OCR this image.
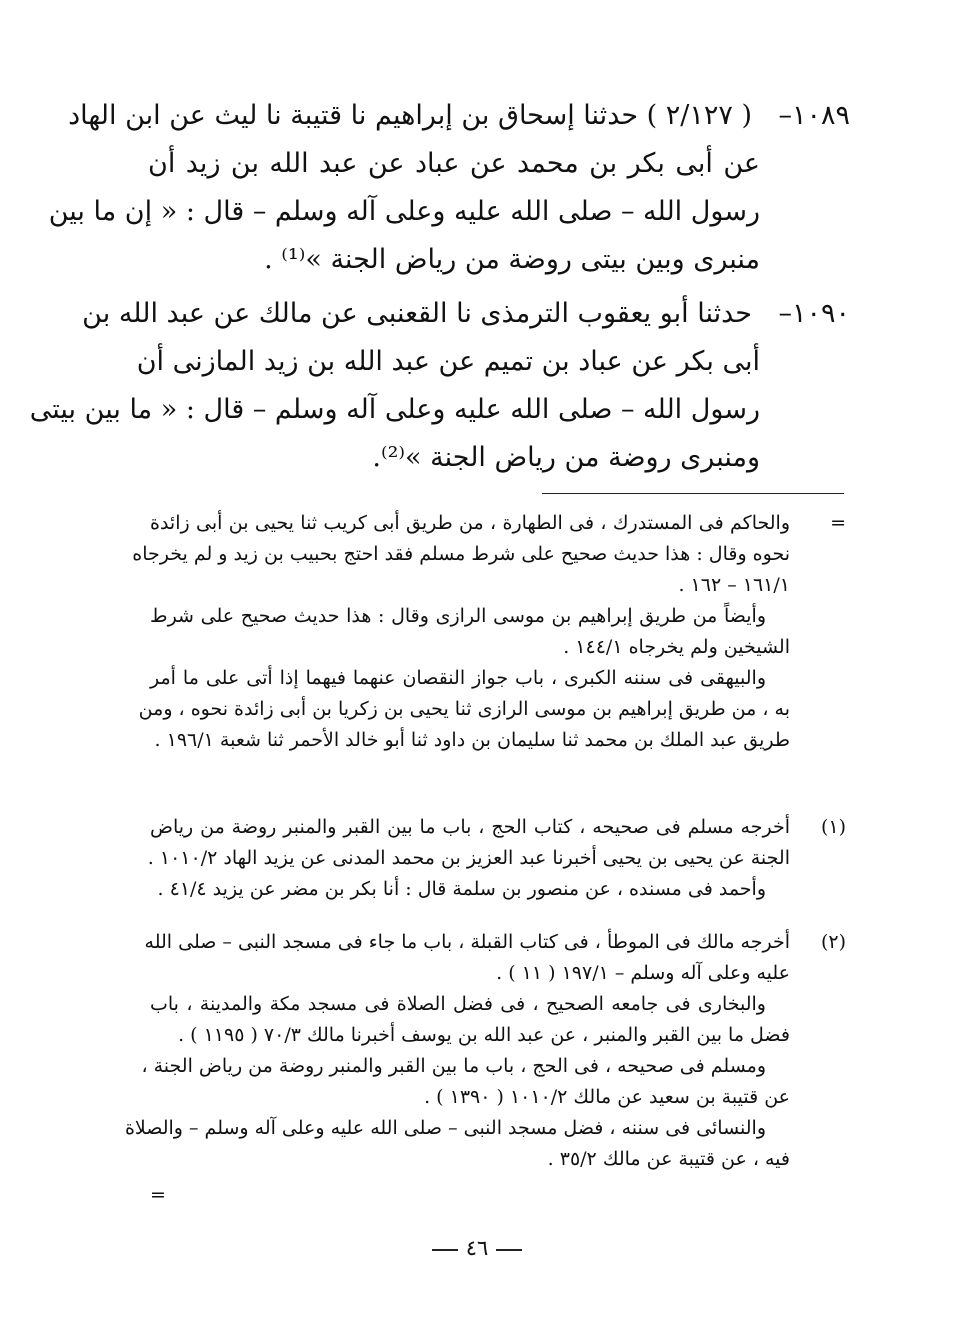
١٠٨٩–
( ٢/١٢٧ ) حدثنا إسحاق بن إبراهيم نا قتيبة نا ليث عن ابن الهاد
عن أبى بكر بن محمد عن عباد عن عبد الله بن زيد أن
رسول الله – صلى الله عليه وعلى آله وسلم – قال : « إن ما بين
منبرى وبين بيتى روضة من رياض الجنة »⁽¹⁾ .
١٠٩٠–
حدثنا أبو يعقوب الترمذى نا القعنبى عن مالك عن عبد الله بن
أبى بكر عن عباد بن تميم عن عبد الله بن زيد المازنى أن
رسول الله – صلى الله عليه وعلى آله وسلم – قال : « ما بين بيتى
ومنبرى روضة من رياض الجنة »⁽²⁾.
=
والحاكم فى المستدرك ، فى الطهارة ، من طريق أبى كريب ثنا يحيى بن أبى زائدة
نحوه وقال : هذا حديث صحيح على شرط مسلم فقد احتج بحبيب بن زيد و لم يخرجاه
١٦١/١ – ١٦٢ .
وأيضاً من طريق إبراهيم بن موسى الرازى وقال : هذا حديث صحيح على شرط
الشيخين ولم يخرجاه ١٤٤/١ .
والبيهقى فى سننه الكبرى ، باب جواز النقصان عنهما فيهما إذا أتى على ما أمر
به ، من طريق إبراهيم بن موسى الرازى ثنا يحيى بن زكريا بن أبى زائدة نحوه ، ومن
طريق عبد الملك بن محمد ثنا سليمان بن داود ثنا أبو خالد الأحمر ثنا شعبة ١٩٦/١ .
(١)
أخرجه مسلم فى صحيحه ، كتاب الحج ، باب ما بين القبر والمنبر روضة من رياض
الجنة عن يحيى بن يحيى أخبرنا عبد العزيز بن محمد المدنى عن يزيد الهاد ١٠١٠/٢ .
وأحمد فى مسنده ، عن منصور بن سلمة قال : أنا بكر بن مضر عن يزيد ٤١/٤ .
(٢)
أخرجه مالك فى الموطأ ، فى كتاب القبلة ، باب ما جاء فى مسجد النبى – صلى الله
عليه وعلى آله وسلم – ١٩٧/١ ( ١١ ) .
والبخارى فى جامعه الصحيح ، فى فضل الصلاة فى مسجد مكة والمدينة ، باب
فضل ما بين القبر والمنبر ، عن عبد الله بن يوسف أخبرنا مالك ٧٠/٣ ( ١١٩٥ ) .
ومسلم فى صحيحه ، فى الحج ، باب ما بين القبر والمنبر روضة من رياض الجنة ،
عن قتيبة بن سعيد عن مالك ١٠١٠/٢ ( ١٣٩٠ ) .
والنسائى فى سننه ، فضل مسجد النبى – صلى الله عليه وعلى آله وسلم – والصلاة
فيه ، عن قتيبة عن مالك ٣٥/٢ .
=
٤٦
